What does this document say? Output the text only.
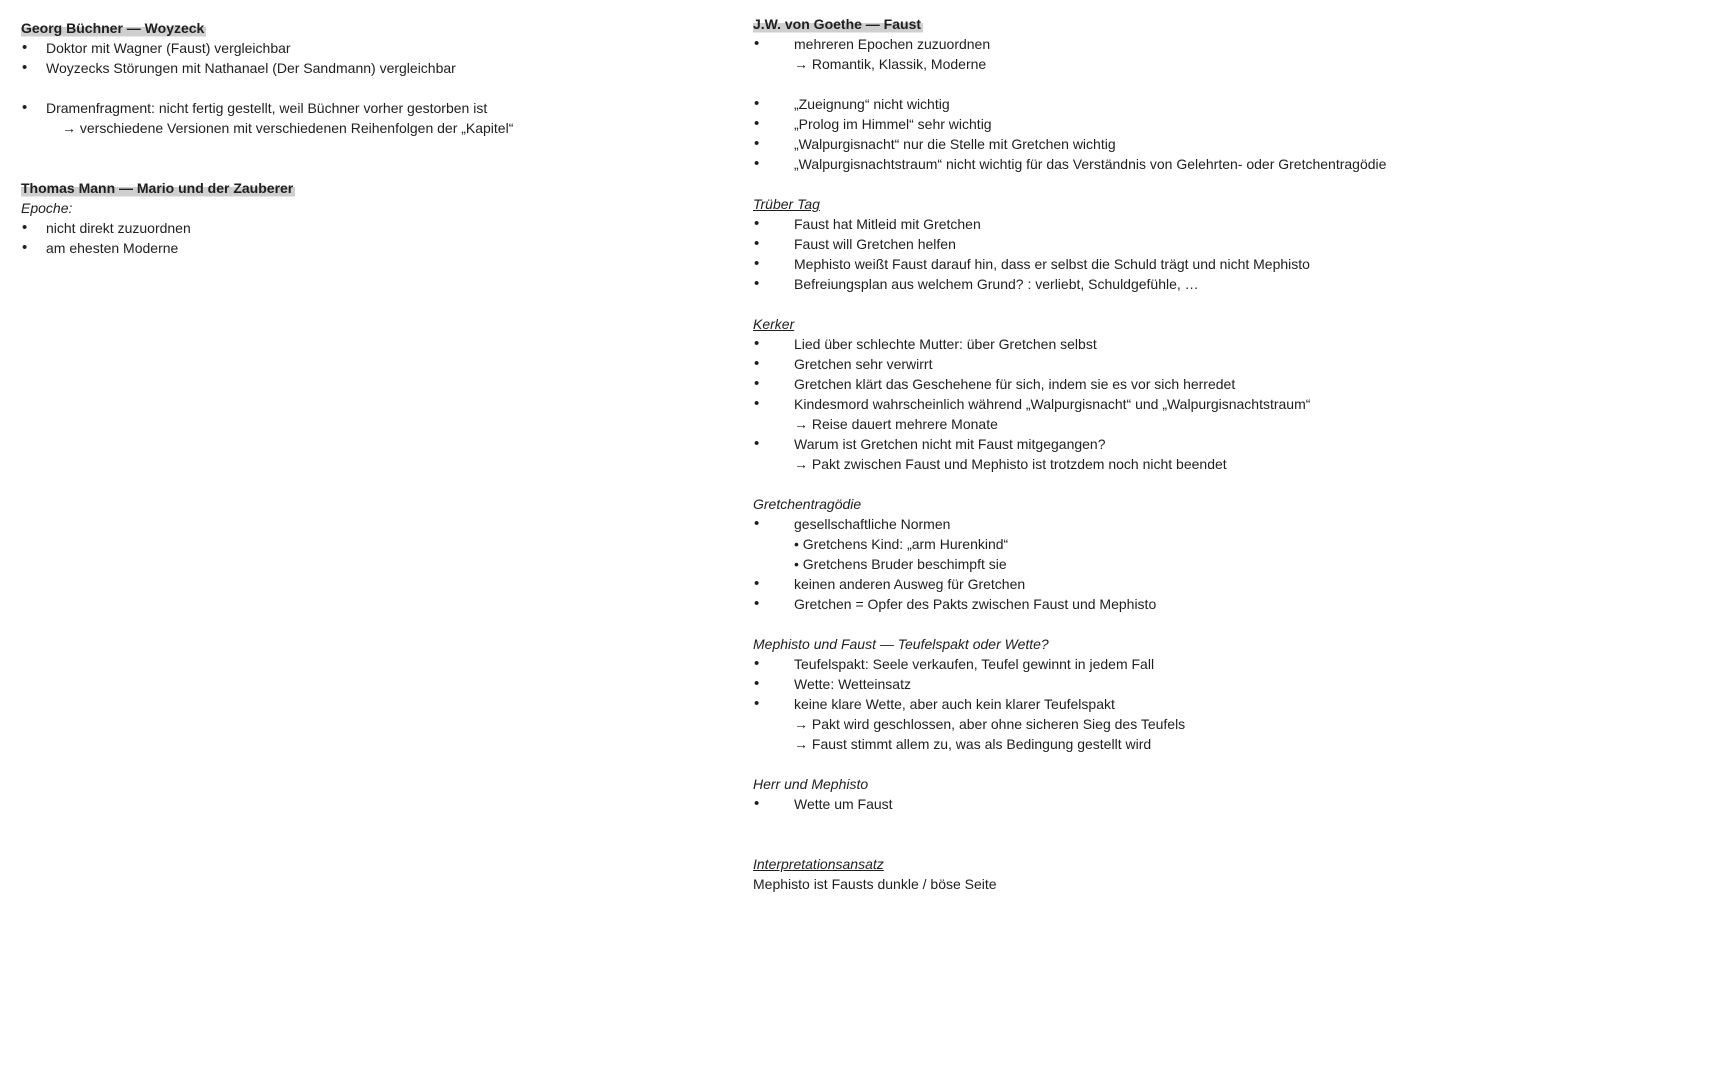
Georg Büchner — Woyzeck
• Doktor mit Wagner (Faust) vergleichbar
• Woyzecks Störungen mit Nathanael (Der Sandmann) vergleichbar
• Dramenfragment: nicht fertig gestellt, weil Büchner vorher gestorben ist
→ verschiedene Versionen mit verschiedenen Reihenfolgen der „Kapitel“
Thomas Mann — Mario und der Zauberer
Epoche:
• nicht direkt zuzuordnen
• am ehesten Moderne
J.W. von Goethe — Faust
• mehreren Epochen zuzuordnen
→ Romantik, Klassik, Moderne
• „Zueignung“ nicht wichtig
• „Prolog im Himmel“ sehr wichtig
• „Walpurgisnacht“ nur die Stelle mit Gretchen wichtig
• „Walpurgisnachtstraum“ nicht wichtig für das Verständnis von Gelehrten- oder Gretchentragödie
Trüber Tag
• Faust hat Mitleid mit Gretchen
• Faust will Gretchen helfen
• Mephisto weißt Faust darauf hin, dass er selbst die Schuld trägt und nicht Mephisto
• Befreiungsplan aus welchem Grund? : verliebt, Schuldgefühle, …
Kerker
• Lied über schlechte Mutter: über Gretchen selbst
• Gretchen sehr verwirrt
• Gretchen klärt das Geschehene für sich, indem sie es vor sich herredet
• Kindesmord wahrscheinlich während „Walpurgisnacht“ und „Walpurgisnachtstraum“
→ Reise dauert mehrere Monate
• Warum ist Gretchen nicht mit Faust mitgegangen?
→ Pakt zwischen Faust und Mephisto ist trotzdem noch nicht beendet
Gretchentragödie
• gesellschaftliche Normen
• Gretchens Kind: „arm Hurenkind“
• Gretchens Bruder beschimpft sie
• keinen anderen Ausweg für Gretchen
• Gretchen = Opfer des Pakts zwischen Faust und Mephisto
Mephisto und Faust — Teufelspakt oder Wette?
• Teufelspakt: Seele verkaufen, Teufel gewinnt in jedem Fall
• Wette: Wetteinsatz
• keine klare Wette, aber auch kein klarer Teufelspakt
→ Pakt wird geschlossen, aber ohne sicheren Sieg des Teufels
→ Faust stimmt allem zu, was als Bedingung gestellt wird
Herr und Mephisto
• Wette um Faust
Interpretationsansatz
Mephisto ist Fausts dunkle / böse Seite
